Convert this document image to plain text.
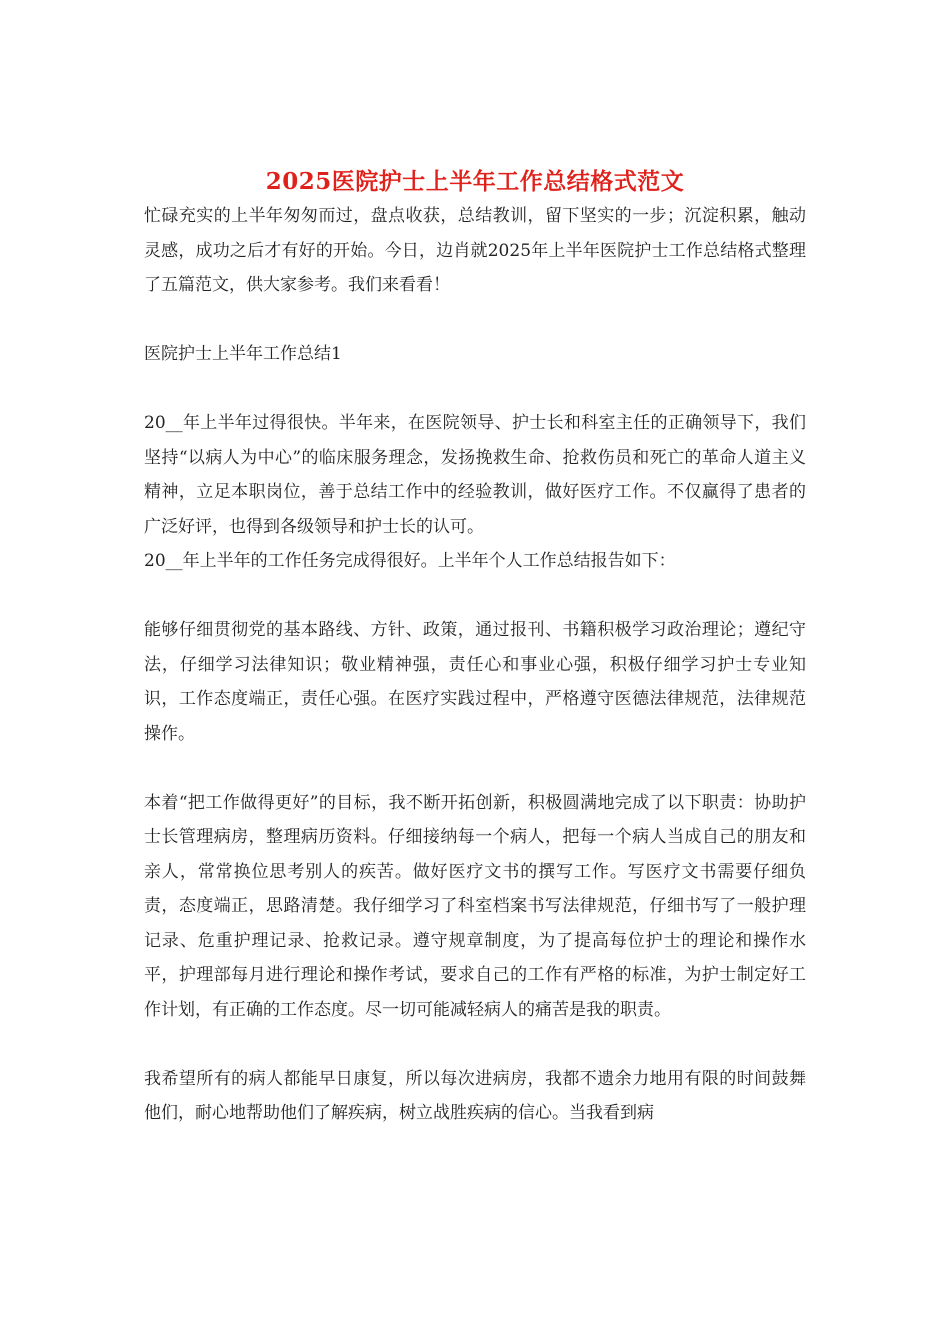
2025医院护士上半年工作总结格式范文

忙碌充实的上半年匆匆而过，盘点收获，总结教训，留下坚实的一步；沉淀积累，触动灵感，成功之后才有好的开始。今日，边肖就2025年上半年医院护士工作总结格式整理了五篇范文，供大家参考。我们来看看！

医院护士上半年工作总结1

20__年上半年过得很快。半年来，在医院领导、护士长和科室主任的正确领导下，我们坚持“以病人为中心”的临床服务理念，发扬挽救生命、抢救伤员和死亡的革命人道主义精神，立足本职岗位，善于总结工作中的经验教训，做好医疗工作。不仅赢得了患者的广泛好评，也得到各级领导和护士长的认可。

20__年上半年的工作任务完成得很好。上半年个人工作总结报告如下：

能够仔细贯彻党的基本路线、方针、政策，通过报刊、书籍积极学习政治理论；遵纪守法，仔细学习法律知识；敬业精神强，责任心和事业心强，积极仔细学习护士专业知识，工作态度端正，责任心强。在医疗实践过程中，严格遵守医德法律规范，法律规范操作。

本着“把工作做得更好”的目标，我不断开拓创新，积极圆满地完成了以下职责：协助护士长管理病房，整理病历资料。仔细接纳每一个病人，把每一个病人当成自己的朋友和亲人，常常换位思考别人的疾苦。做好医疗文书的撰写工作。写医疗文书需要仔细负责，态度端正，思路清楚。我仔细学习了科室档案书写法律规范，仔细书写了一般护理记录、危重护理记录、抢救记录。遵守规章制度，为了提高每位护士的理论和操作水平，护理部每月进行理论和操作考试，要求自己的工作有严格的标准，为护士制定好工作计划，有正确的工作态度。尽一切可能减轻病人的痛苦是我的职责。

我希望所有的病人都能早日康复，所以每次进病房，我都不遗余力地用有限的时间鼓舞他们，耐心地帮助他们了解疾病，树立战胜疾病的信心。当我看到病
